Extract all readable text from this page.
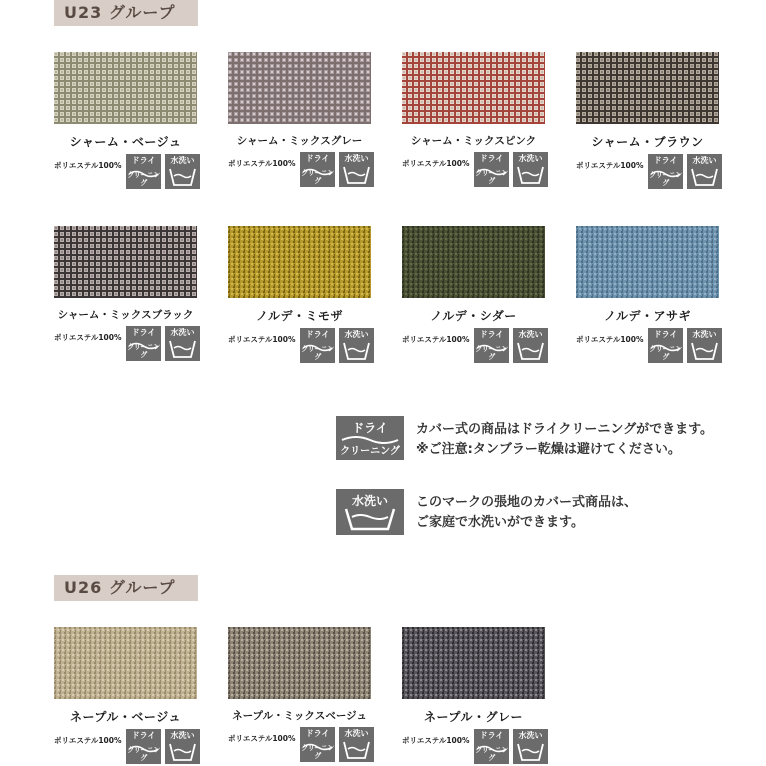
U23 グループ
U26 グループ
シャーム・ベージュ
ポリエステル100%
ドライ
クリーニング
水洗い
シャーム・ミックスグレー
ポリエステル100%
ドライ
クリーニング
水洗い
シャーム・ミックスピンク
ポリエステル100%
ドライ
クリーニング
水洗い
シャーム・ブラウン
ポリエステル100%
ドライ
クリーニング
水洗い
シャーム・ミックスブラック
ポリエステル100%
ドライ
クリーニング
水洗い
ノルデ・ミモザ
ポリエステル100%
ドライ
クリーニング
水洗い
ノルデ・シダー
ポリエステル100%
ドライ
クリーニング
水洗い
ノルデ・アサギ
ポリエステル100%
ドライ
クリーニング
水洗い
ネープル・ベージュ
ポリエステル100%
ドライ
クリーニング
水洗い
ネープル・ミックスベージュ
ポリエステル100%
ドライ
クリーニング
水洗い
ネープル・グレー
ポリエステル100%
ドライ
クリーニング
水洗い
ドライ
クリーニング
カバー式の商品はドライクリーニングができます。
※ご注意:タンブラー乾燥は避けてください。
水洗い	このマークの張地のカバー式商品は、
ご家庭で水洗いができます。
